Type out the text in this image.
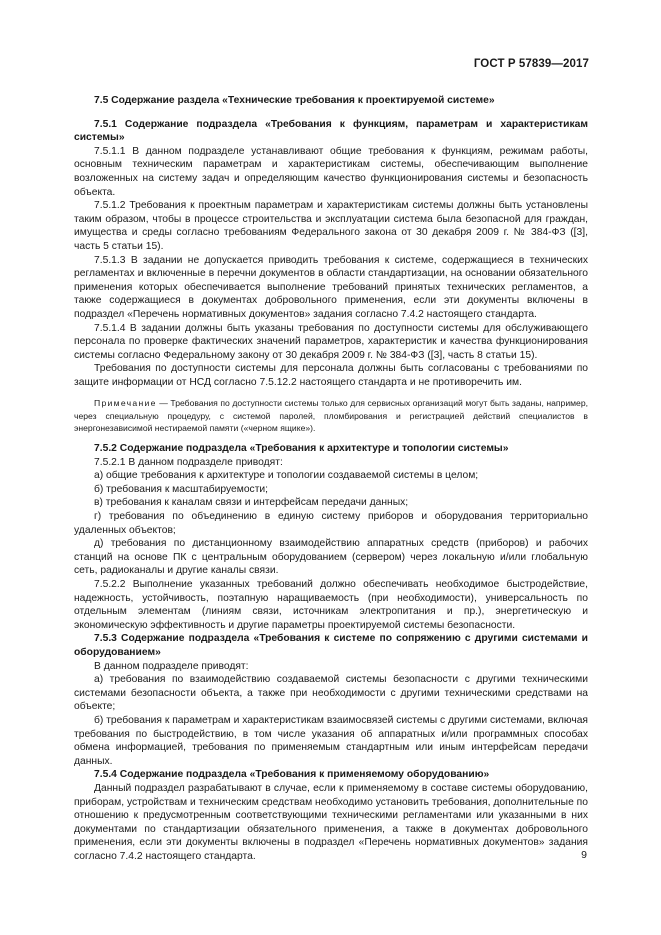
ГОСТ Р 57839—2017

7.5 Содержание раздела «Технические требования к проектируемой системе»

7.5.1 Содержание подраздела «Требования к функциям, параметрам и характеристикам системы»

7.5.1.1 В данном подразделе устанавливают общие требования к функциям, режимам работы, основным техническим параметрам и характеристикам системы, обеспечивающим выполнение возложенных на систему задач и определяющим качество функционирования системы и безопасность объекта.

7.5.1.2 Требования к проектным параметрам и характеристикам системы должны быть установлены таким образом, чтобы в процессе строительства и эксплуатации система была безопасной для граждан, имущества и среды согласно требованиям Федерального закона от 30 декабря 2009 г. № 384-ФЗ ([3], часть 5 статьи 15).

7.5.1.3 В задании не допускается приводить требования к системе, содержащиеся в технических регламентах и включенные в перечни документов в области стандартизации, на основании обязательного применения которых обеспечивается выполнение требований принятых технических регламентов, а также содержащиеся в документах добровольного применения, если эти документы включены в подраздел «Перечень нормативных документов» задания согласно 7.4.2 настоящего стандарта.

7.5.1.4 В задании должны быть указаны требования по доступности системы для обслуживающего персонала по проверке фактических значений параметров, характеристик и качества функционирования системы согласно Федеральному закону от 30 декабря 2009 г. № 384-ФЗ ([3], часть 8 статьи 15).

Требования по доступности системы для персонала должны быть согласованы с требованиями по защите информации от НСД согласно 7.5.12.2 настоящего стандарта и не противоречить им.

Примечание — Требования по доступности системы только для сервисных организаций могут быть заданы, например, через специальную процедуру, с системой паролей, пломбирования и регистрацией действий специалистов в энергонезависимой нестираемой памяти («черном ящике»).

7.5.2 Содержание подраздела «Требования к архитектуре и топологии системы»

7.5.2.1 В данном подразделе приводят:

а) общие требования к архитектуре и топологии создаваемой системы в целом;

б) требования к масштабируемости;

в) требования к каналам связи и интерфейсам передачи данных;

г) требования по объединению в единую систему приборов и оборудования территориально удаленных объектов;

д) требования по дистанционному взаимодействию аппаратных средств (приборов) и рабочих станций на основе ПК с центральным оборудованием (сервером) через локальную и/или глобальную сеть, радиоканалы и другие каналы связи.

7.5.2.2 Выполнение указанных требований должно обеспечивать необходимое быстродействие, надежность, устойчивость, поэтапную наращиваемость (при необходимости), универсальность по отдельным элементам (линиям связи, источникам электропитания и пр.), энергетическую и экономическую эффективность и другие параметры проектируемой системы безопасности.

7.5.3 Содержание подраздела «Требования к системе по сопряжению с другими системами и оборудованием»

В данном подразделе приводят:

а) требования по взаимодействию создаваемой системы безопасности с другими техническими системами безопасности объекта, а также при необходимости с другими техническими средствами на объекте;

б) требования к параметрам и характеристикам взаимосвязей системы с другими системами, включая требования по быстродействию, в том числе указания об аппаратных и/или программных способах обмена информацией, требования по применяемым стандартным или иным интерфейсам передачи данных.

7.5.4 Содержание подраздела «Требования к применяемому оборудованию»

Данный подраздел разрабатывают в случае, если к применяемому в составе системы оборудованию, приборам, устройствам и техническим средствам необходимо установить требования, дополнительные по отношению к предусмотренным соответствующими техническими регламентами или указанными в них документами по стандартизации обязательного применения, а также в документах добровольного применения, если эти документы включены в подраздел «Перечень нормативных документов» задания согласно 7.4.2 настоящего стандарта.	9
